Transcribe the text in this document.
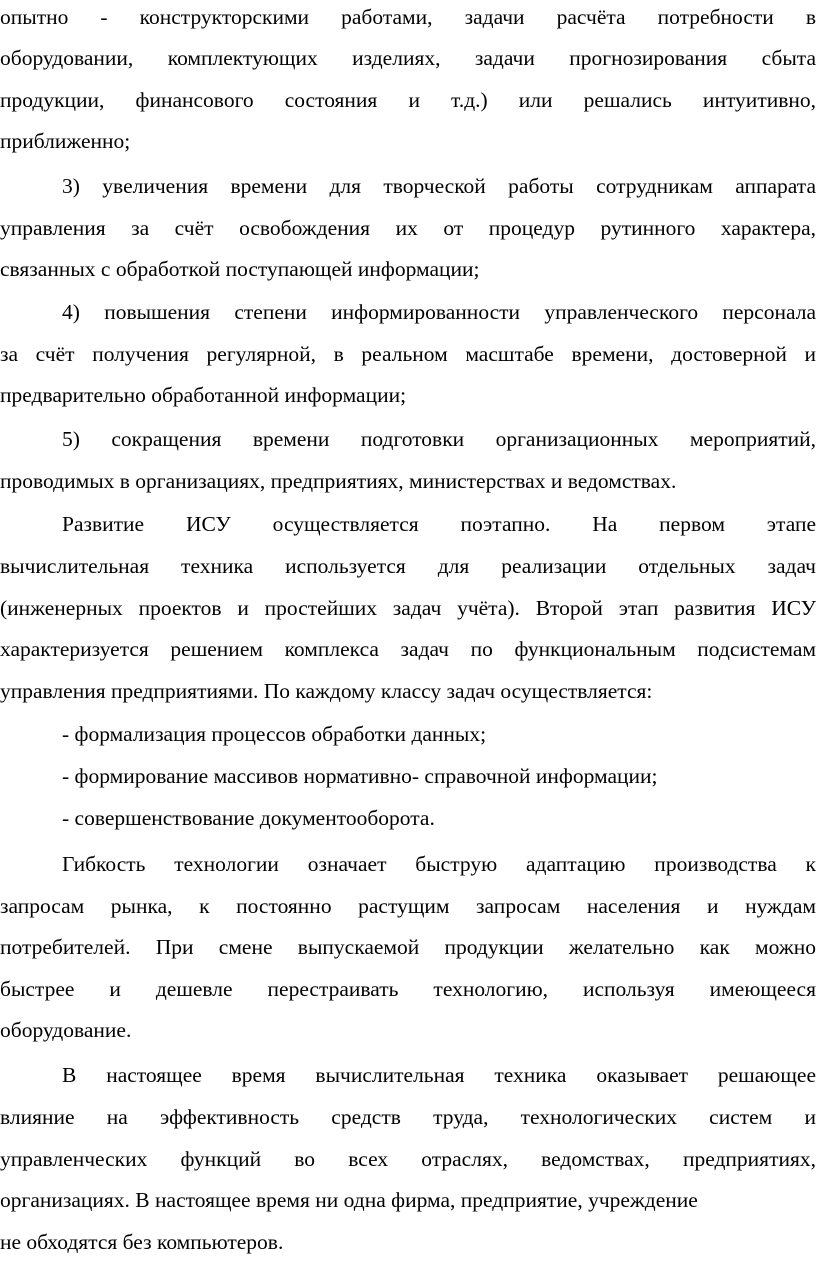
опытно - конструкторскими работами, задачи расчёта потребности в
оборудовании, комплектующих изделиях, задачи прогнозирования сбыта
продукции, финансового состояния и т.д.) или решались интуитивно,
приближенно;
3) увеличения времени для творческой работы сотрудникам аппарата
управления за счёт освобождения их от процедур рутинного характера,
связанных с обработкой поступающей информации;
4) повышения степени информированности управленческого персонала
за счёт получения регулярной, в реальном масштабе времени, достоверной и
предварительно обработанной информации;
5) сокращения времени подготовки организационных мероприятий,
проводимых в организациях, предприятиях, министерствах и ведомствах.
Развитие ИСУ осуществляется поэтапно. На первом этапе
вычислительная техника используется для реализации отдельных задач
(инженерных проектов и простейших задач учёта). Второй этап развития ИСУ
характеризуется решением комплекса задач по функциональным подсистемам
управления предприятиями. По каждому классу задач осуществляется:
- формализация процессов обработки данных;
- формирование массивов нормативно- справочной информации;
- совершенствование документооборота.
Гибкость технологии означает быструю адаптацию производства к
запросам рынка, к постоянно растущим запросам населения и нуждам
потребителей. При смене выпускаемой продукции желательно как можно
быстрее и дешевле перестраивать технологию, используя имеющееся
оборудование.
В настоящее время вычислительная техника оказывает решающее
влияние на эффективность средств труда, технологических систем и
управленческих функций во всех отраслях, ведомствах, предприятиях,
организациях. В настоящее время ни одна фирма, предприятие, учреждение
не обходятся без компьютеров.
